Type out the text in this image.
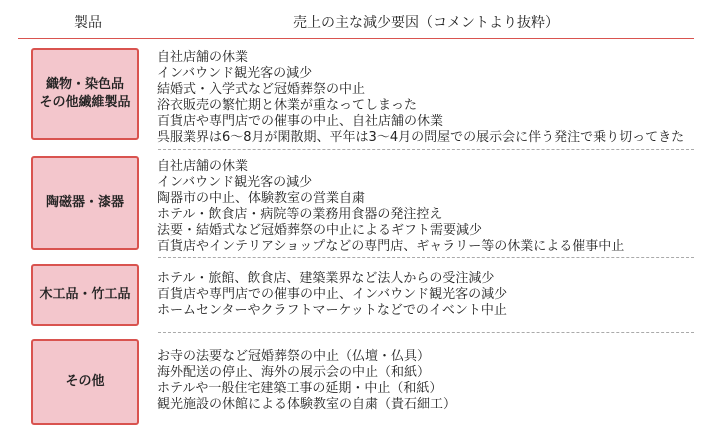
製品	売上の主な減少要因（コメントより抜粋）
織物・染色品
その他繊維製品
自社店舗の休業
インバウンド観光客の減少
結婚式・入学式など冠婚葬祭の中止
浴衣販売の繁忙期と休業が重なってしまった
百貨店や専門店での催事の中止、自社店舗の休業
呉服業界は6～8月が閑散期、平年は3～4月の問屋での展示会に伴う発注で乗り切ってきた
陶磁器・漆器
自社店舗の休業
インバウンド観光客の減少
陶器市の中止、体験教室の営業自粛
ホテル・飲食店・病院等の業務用食器の発注控え
法要・結婚式など冠婚葬祭の中止によるギフト需要減少
百貨店やインテリアショップなどの専門店、ギャラリー等の休業による催事中止
木工品・竹工品
ホテル・旅館、飲食店、建築業界など法人からの受注減少
百貨店や専門店での催事の中止、インバウンド観光客の減少
ホームセンターやクラフトマーケットなどでのイベント中止
その他
お寺の法要など冠婚葬祭の中止（仏壇・仏具）
海外配送の停止、海外の展示会の中止（和紙）
ホテルや一般住宅建築工事の延期・中止（和紙）
観光施設の休館による体験教室の自粛（貴石細工）
